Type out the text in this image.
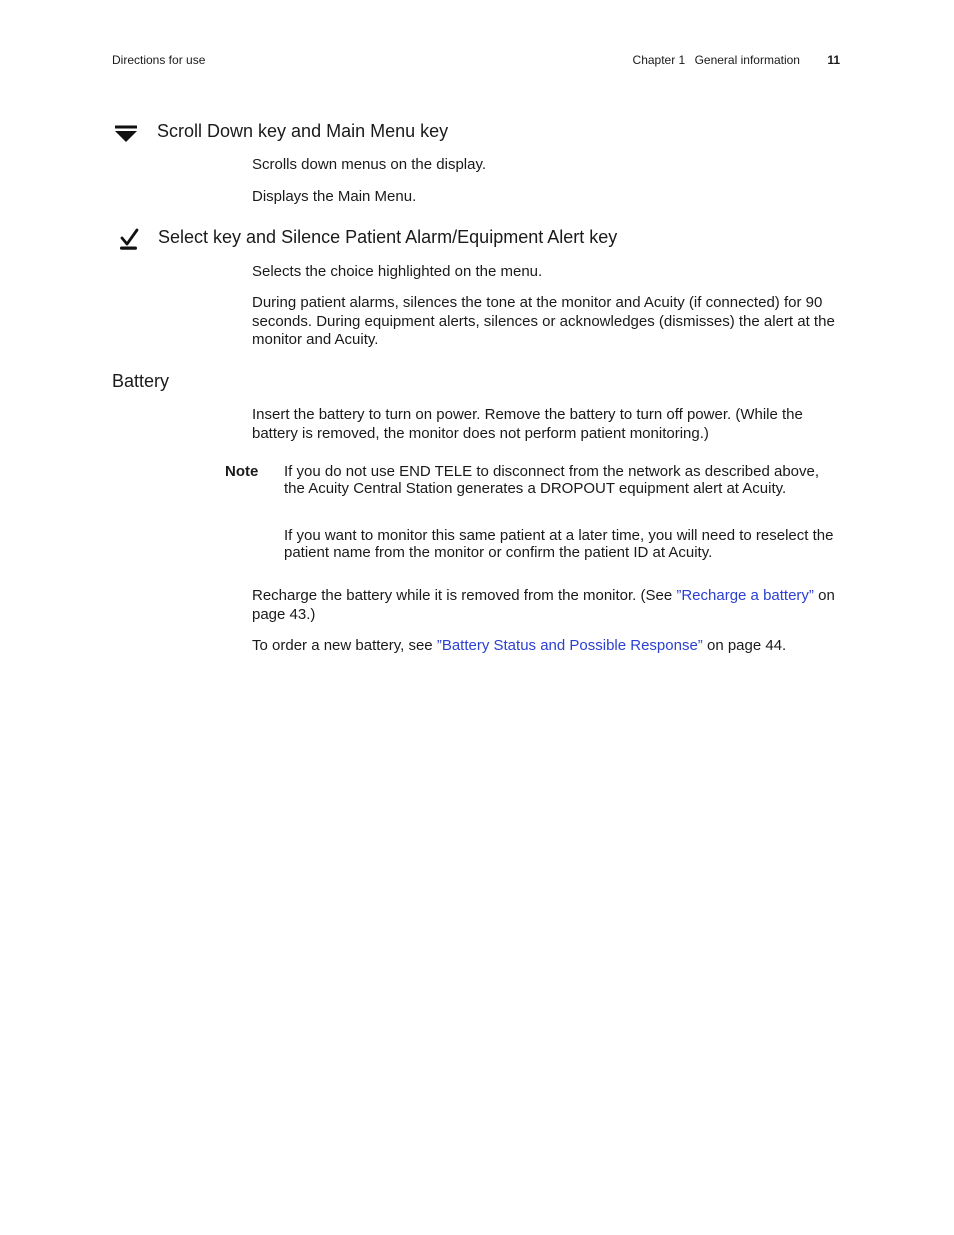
Directions for use	Chapter 1 General information 11
Scroll Down key and Main Menu key
Scrolls down menus on the display.
Displays the Main Menu.
Select key and Silence Patient Alarm/Equipment Alert key
Selects the choice highlighted on the menu.
During patient alarms, silences the tone at the monitor and Acuity (if connected) for 90 seconds. During equipment alerts, silences or acknowledges (dismisses) the alert at the monitor and Acuity.
Battery
Insert the battery to turn on power. Remove the battery to turn off power. (While the battery is removed, the monitor does not perform patient monitoring.)
Note If you do not use END TELE to disconnect from the network as described above, the Acuity Central Station generates a DROPOUT equipment alert at Acuity.
If you want to monitor this same patient at a later time, you will need to reselect the patient name from the monitor or confirm the patient ID at Acuity.
Recharge the battery while it is removed from the monitor. (See ”Recharge a battery” on page 43.)
To order a new battery, see ”Battery Status and Possible Response” on page 44.
